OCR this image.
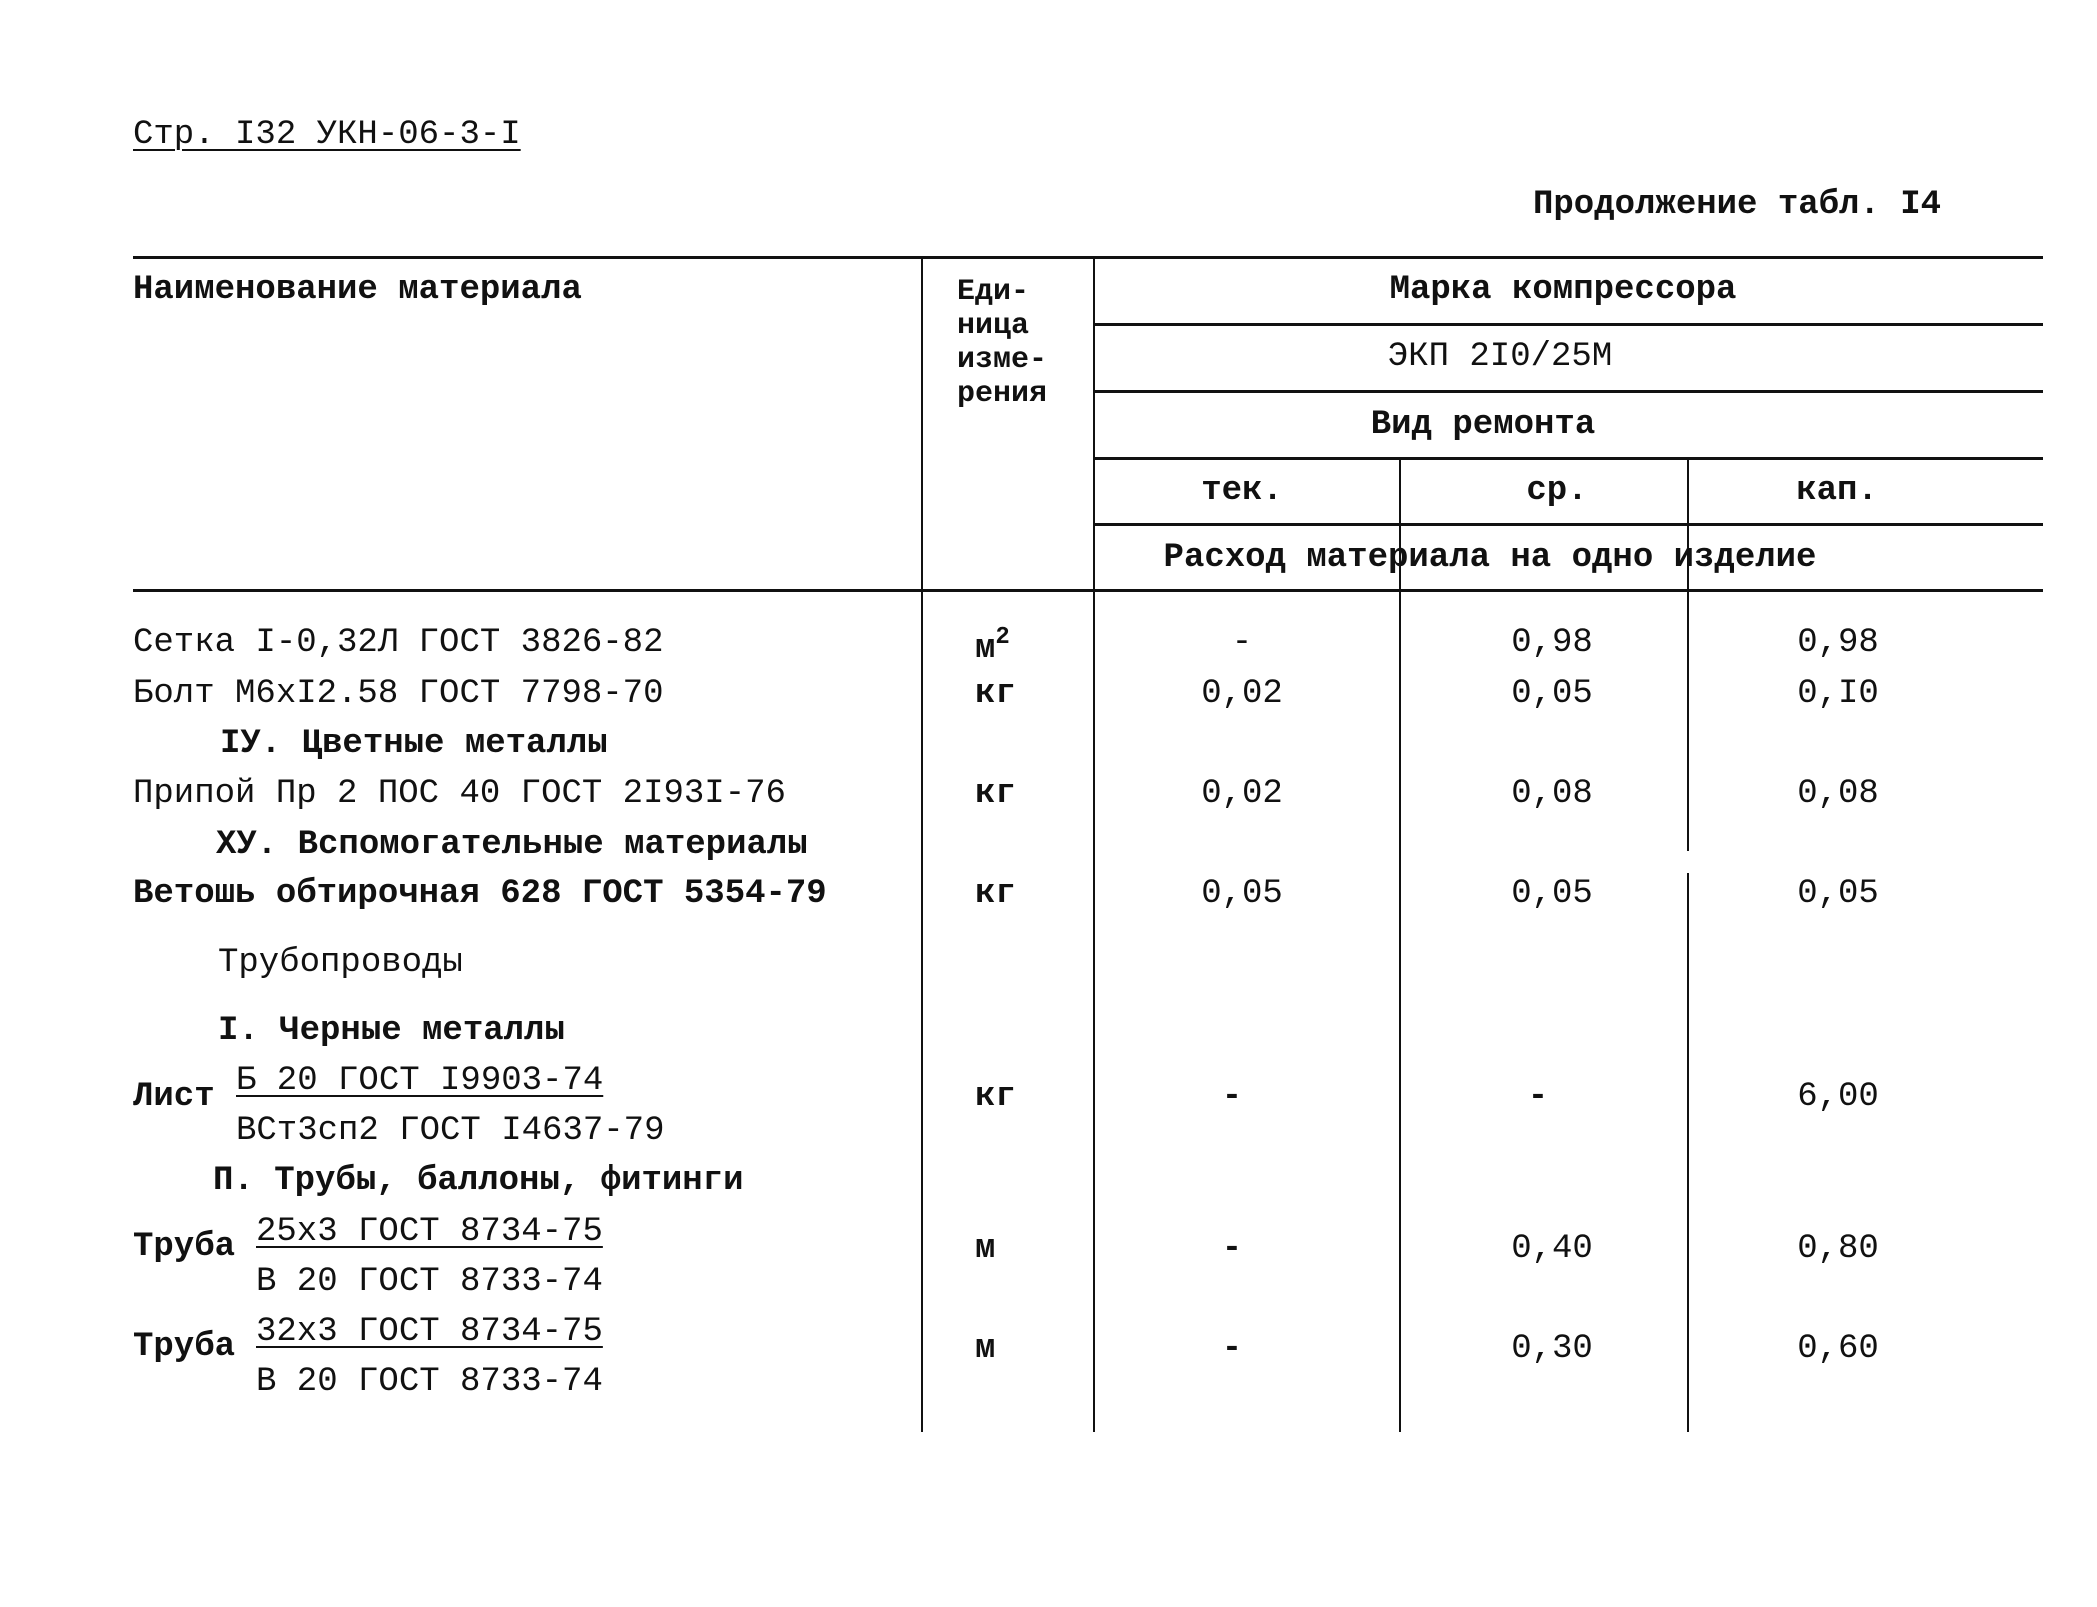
Стр. I32 УКН-06-3-I
Продолжение табл. I4
Наименование материала	Еди-
ница
изме-
рения
Марка компрессора
ЭКП 2I0/25М
Вид ремонта
тек.	ср.	кап.
Расход материала на одно изделие
Сетка I-0,32Л ГОСТ 3826-82	$м^2$	-	0,98	0,98
Болт М6хI2.58 ГОСТ 7798-70	кг	0,02	0,05	0,I0
IУ. Цветные металлы
Припой Пр 2 ПОС 40 ГОСТ 2I93I-76	кг	0,02	0,08	0,08
ХУ. Вспомогательные материалы
Ветошь обтирочная 628 ГОСТ 5354-79	кг	0,05	0,05	0,05
Трубопроводы
I. Черные металлы
Лист Б 20 ГОСТ I9903-74
ВСт3сп2 ГОСТ I4637-79
кг	-	-	6,00
П. Трубы, баллоны, фитинги
Труба 25х3 ГОСТ 8734-75
В 20 ГОСТ 8733-74
м	-	0,40	0,80
Труба 32х3 ГОСТ 8734-75
В 20 ГОСТ 8733-74
м	-	0,30	0,60
